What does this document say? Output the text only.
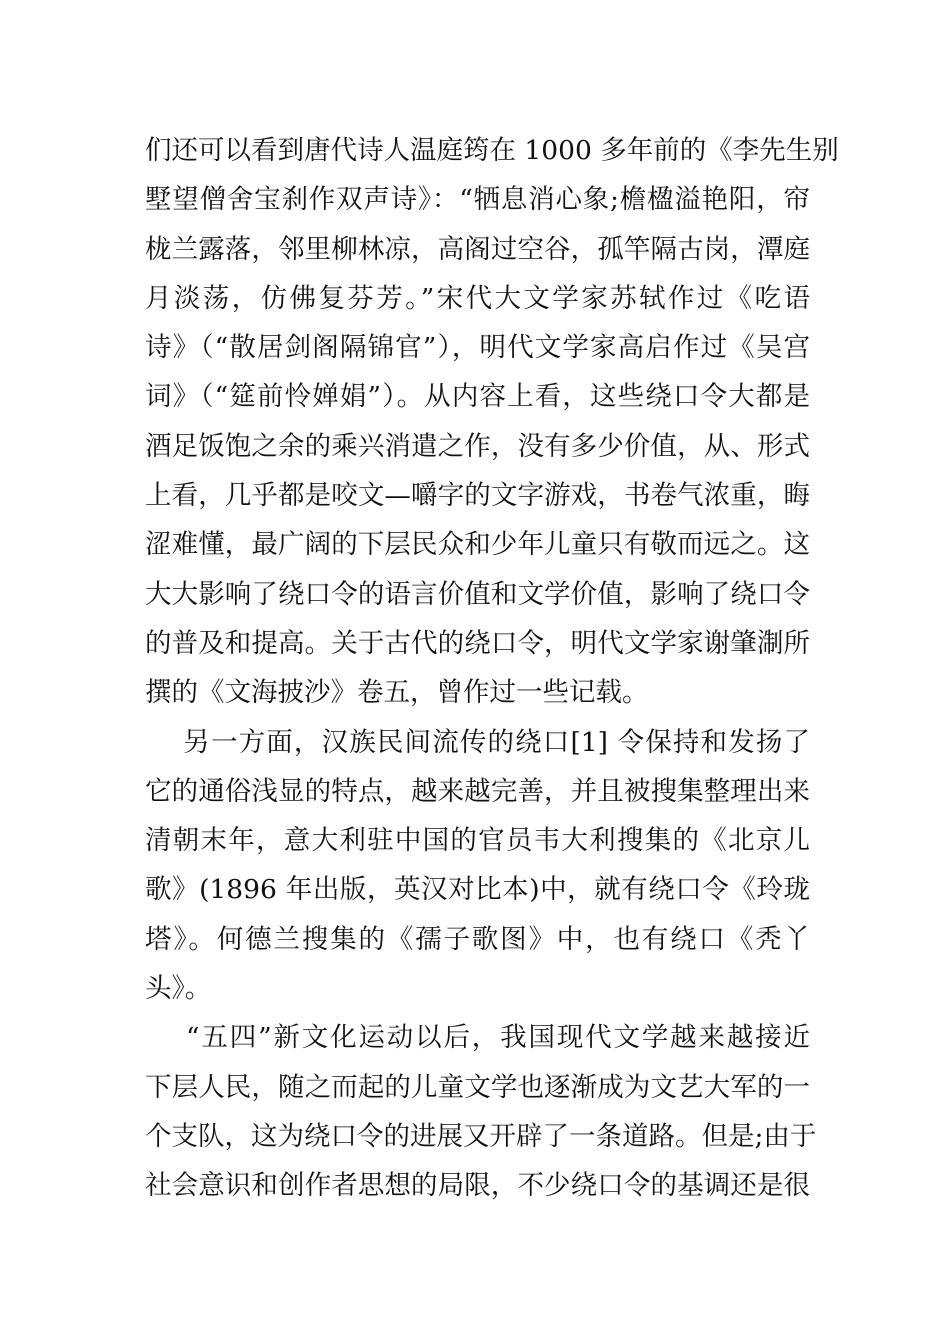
们还可以看到唐代诗人温庭筠在 1000 多年前的《李先生别
墅望僧舍宝刹作双声诗》：“牺息消心象;檐楹溢艳阳，帘
栊兰露落，邻里柳林凉，高阁过空谷，孤竿隔古岗，潭庭
月淡荡，仿佛复芬芳。”宋代大文学家苏轼作过《吃语
诗》（“散居剑阁隔锦官”），明代文学家高启作过《吴宫
词》（“筵前怜婵娟”）。从内容上看，这些绕口令大都是
酒足饭饱之余的乘兴消遣之作，没有多少价值，从、形式
上看，几乎都是咬文—嚼字的文字游戏，书卷气浓重，晦
涩难懂，最广阔的下层民众和少年儿童只有敬而远之。这
大大影响了绕口令的语言价值和文学价值，影响了绕口令
的普及和提高。关于古代的绕口令，明代文学家谢肇淛所
撰的《文海披沙》卷五，曾作过一些记载。
另一方面，汉族民间流传的绕口[1] 令保持和发扬了
它的通俗浅显的特点，越来越完善，并且被搜集整理出来
清朝末年，意大利驻中国的官员韦大利搜集的《北京儿
歌》(1896 年出版，英汉对比本)中，就有绕口令《玲珑
塔》。何德兰搜集的《孺子歌图》中，也有绕口《秃丫
头》。
“五四”新文化运动以后，我国现代文学越来越接近
下层人民，随之而起的儿童文学也逐渐成为文艺大军的一
个支队，这为绕口令的进展又开辟了一条道路。但是;由于
社会意识和创作者思想的局限，不少绕口令的基调还是很
